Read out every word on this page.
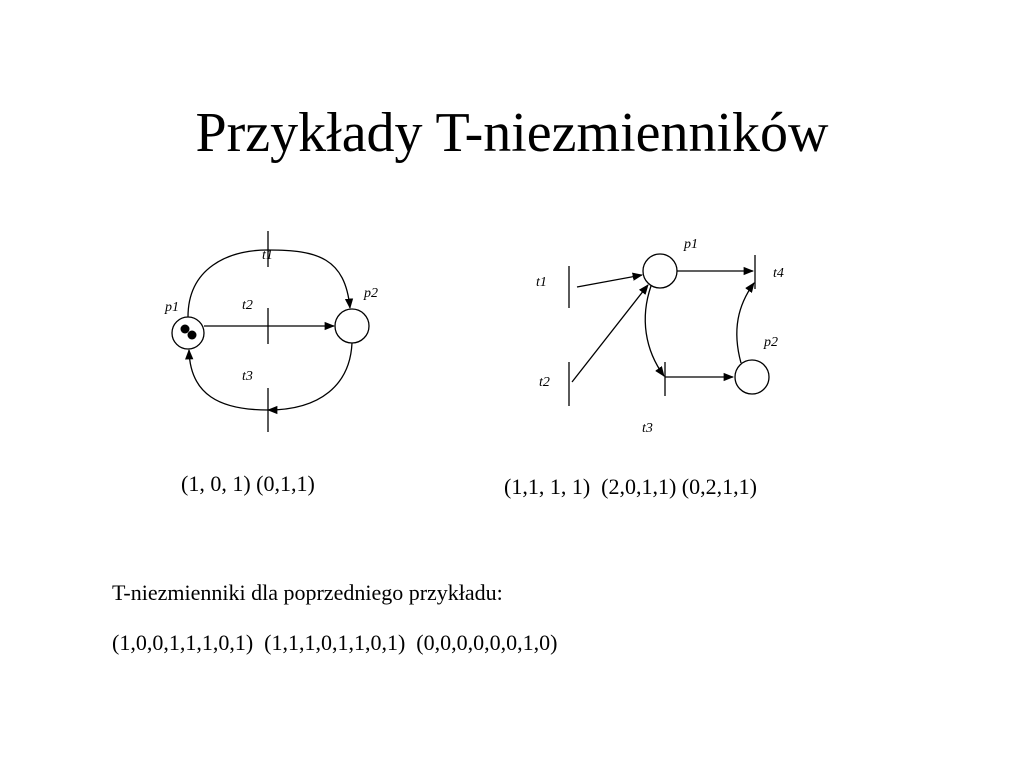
Przykłady T-niezmienników
t1
t2
t3
p1
p2
p1
t4
t1
p2
t2
t3
(1, 0, 1) (0,1,1)	(1,1, 1, 1)  (2,0,1,1) (0,2,1,1)
T-niezmienniki dla poprzedniego przykładu:
(1,0,0,1,1,1,0,1)  (1,1,1,0,1,1,0,1)  (0,0,0,0,0,0,1,0)
